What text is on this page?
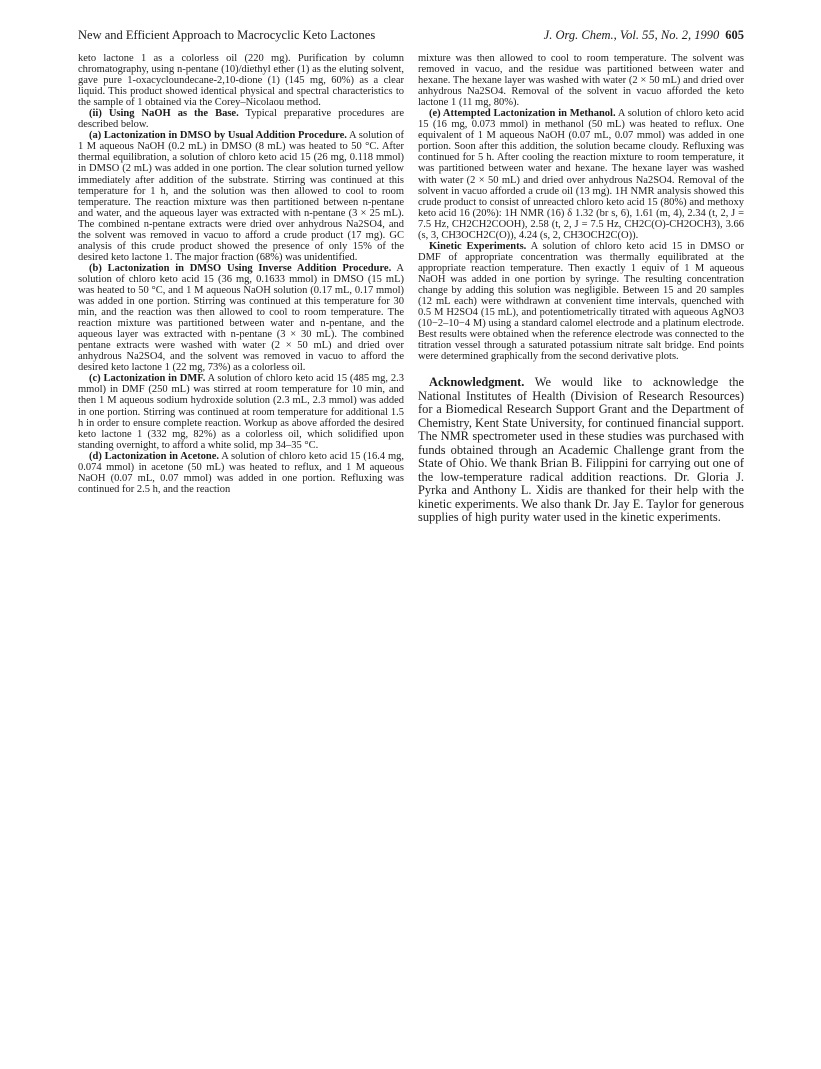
New and Efficient Approach to Macrocyclic Keto Lactones	J. Org. Chem., Vol. 55, No. 2, 1990 605

keto lactone 1 as a colorless oil (220 mg). Purification by column chromatography, using n-pentane (10)/diethyl ether (1) as the eluting solvent, gave pure 1-oxacycloundecane-2,10-dione (1) (145 mg, 60%) as a clear liquid. This product showed identical physical and spectral characteristics to the sample of 1 obtained via the Corey–Nicolaou method.

(ii) Using NaOH as the Base. Typical preparative procedures are described below.

(a) Lactonization in DMSO by Usual Addition Procedure. A solution of 1 M aqueous NaOH (0.2 mL) in DMSO (8 mL) was heated to 50 °C. After thermal equilibration, a solution of chloro keto acid 15 (26 mg, 0.118 mmol) in DMSO (2 mL) was added in one portion. The clear solution turned yellow immediately after addition of the substrate. Stirring was continued at this temperature for 1 h, and the solution was then allowed to cool to room temperature. The reaction mixture was then partitioned between n-pentane and water, and the aqueous layer was extracted with n-pentane (3 × 25 mL). The combined n-pentane extracts were dried over anhydrous Na2SO4, and the solvent was removed in vacuo to afford a crude product (17 mg). GC analysis of this crude product showed the presence of only 15% of the desired keto lactone 1. The major fraction (68%) was unidentified.

(b) Lactonization in DMSO Using Inverse Addition Procedure. A solution of chloro keto acid 15 (36 mg, 0.1633 mmol) in DMSO (15 mL) was heated to 50 °C, and 1 M aqueous NaOH solution (0.17 mL, 0.17 mmol) was added in one portion. Stirring was continued at this temperature for 30 min, and the reaction was then allowed to cool to room temperature. The reaction mixture was partitioned between water and n-pentane, and the aqueous layer was extracted with n-pentane (3 × 30 mL). The combined pentane extracts were washed with water (2 × 50 mL) and dried over anhydrous Na2SO4, and the solvent was removed in vacuo to afford the desired keto lactone 1 (22 mg, 73%) as a colorless oil.

(c) Lactonization in DMF. A solution of chloro keto acid 15 (485 mg, 2.3 mmol) in DMF (250 mL) was stirred at room temperature for 10 min, and then 1 M aqueous sodium hydroxide solution (2.3 mL, 2.3 mmol) was added in one portion. Stirring was continued at room temperature for additional 1.5 h in order to ensure complete reaction. Workup as above afforded the desired keto lactone 1 (332 mg, 82%) as a colorless oil, which solidified upon standing overnight, to afford a white solid, mp 34–35 °C.

(d) Lactonization in Acetone. A solution of chloro keto acid 15 (16.4 mg, 0.074 mmol) in acetone (50 mL) was heated to reflux, and 1 M aqueous NaOH (0.07 mL, 0.07 mmol) was added in one portion. Refluxing was continued for 2.5 h, and the reaction

mixture was then allowed to cool to room temperature. The solvent was removed in vacuo, and the residue was partitioned between water and hexane. The hexane layer was washed with water (2 × 50 mL) and dried over anhydrous Na2SO4. Removal of the solvent in vacuo afforded the keto lactone 1 (11 mg, 80%).

(e) Attempted Lactonization in Methanol. A solution of chloro keto acid 15 (16 mg, 0.073 mmol) in methanol (50 mL) was heated to reflux. One equivalent of 1 M aqueous NaOH (0.07 mL, 0.07 mmol) was added in one portion. Soon after this addition, the solution became cloudy. Refluxing was continued for 5 h. After cooling the reaction mixture to room temperature, it was partitioned between water and hexane. The hexane layer was washed with water (2 × 50 mL) and dried over anhydrous Na2SO4. Removal of the solvent in vacuo afforded a crude oil (13 mg). 1H NMR analysis showed this crude product to consist of unreacted chloro keto acid 15 (80%) and methoxy keto acid 16 (20%): 1H NMR (16) δ 1.32 (br s, 6), 1.61 (m, 4), 2.34 (t, 2, J = 7.5 Hz, CH2CH2COOH), 2.58 (t, 2, J = 7.5 Hz, CH2C(O)-CH2OCH3), 3.66 (s, 3, CH3OCH2C(O)), 4.24 (s, 2, CH3OCH2C(O)).

Kinetic Experiments. A solution of chloro keto acid 15 in DMSO or DMF of appropriate concentration was thermally equilibrated at the appropriate reaction temperature. Then exactly 1 equiv of 1 M aqueous NaOH was added in one portion by syringe. The resulting concentration change by adding this solution was negligible. Between 15 and 20 samples (12 mL each) were withdrawn at convenient time intervals, quenched with 0.5 M H2SO4 (15 mL), and potentiometrically titrated with aqueous AgNO3 (10−2–10−4 M) using a standard calomel electrode and a platinum electrode. Best results were obtained when the reference electrode was connected to the titration vessel through a saturated potassium nitrate salt bridge. End points were determined graphically from the second derivative plots.

Acknowledgment. We would like to acknowledge the National Institutes of Health (Division of Research Resources) for a Biomedical Research Support Grant and the Department of Chemistry, Kent State University, for continued financial support. The NMR spectrometer used in these studies was purchased with funds obtained through an Academic Challenge grant from the State of Ohio. We thank Brian B. Filippini for carrying out one of the low-temperature radical addition reactions. Dr. Gloria J. Pyrka and Anthony L. Xidis are thanked for their help with the kinetic experiments. We also thank Dr. Jay E. Taylor for generous supplies of high purity water used in the kinetic experiments.
